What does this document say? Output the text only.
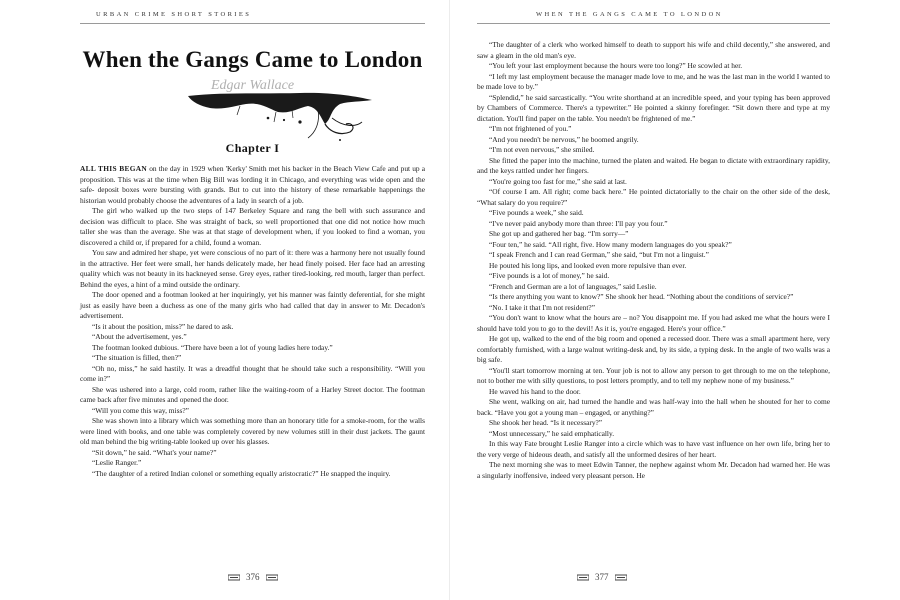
URBAN CRIME SHORT STORIES
When the Gangs Came to London
Edgar Wallace
Chapter I

ALL THIS BEGAN on the day in 1929 when 'Kerky' Smith met his backer in the Beach View Cafe and put up a proposition. This was at the time when Big Bill was lording it in Chicago, and everything was wide open and the safe- deposit boxes were bursting with grands. But to cut into the history of these remarkable happenings the historian would probably choose the adventures of a lady in search of a job.

The girl who walked up the two steps of 147 Berkeley Square and rang the bell with such assurance and decision was difficult to place. She was straight of back, so well proportioned that one did not notice how much taller she was than the average. She was at that stage of development when, if you looked to find a woman, you discovered a child or, if prepared for a child, found a woman.

You saw and admired her shape, yet were conscious of no part of it: there was a harmony here not usually found in the attractive. Her feet were small, her hands delicately made, her head finely poised. Her face had an arresting quality which was not beauty in its hackneyed sense. Grey eyes, rather tired-looking, red mouth, larger than perfect. Behind the eyes, a hint of a mind outside the ordinary.

The door opened and a footman looked at her inquiringly, yet his manner was faintly deferential, for she might just as easily have been a duchess as one of the many girls who had called that day in answer to Mr. Decadon's advertisement.

“Is it about the position, miss?” he dared to ask.

“About the advertisement, yes.”

The footman looked dubious. “There have been a lot of young ladies here today.”

“The situation is filled, then?”

“Oh no, miss,” he said hastily. It was a dreadful thought that he should take such a responsibility. “Will you come in?”

She was ushered into a large, cold room, rather like the waiting-room of a Harley Street doctor. The footman came back after five minutes and opened the door.

“Will you come this way, miss?”

She was shown into a library which was something more than an honorary title for a smoke-room, for the walls were lined with books, and one table was completely covered by new volumes still in their dust jackets. The gaunt old man behind the big writing-table looked up over his glasses.

“Sit down,” he said. “What's your name?”

“Leslie Ranger.”

“The daughter of a retired Indian colonel or something equally aristocratic?” He snapped the inquiry.

376
WHEN THE GANGS CAME TO LONDON

“The daughter of a clerk who worked himself to death to support his wife and child decently,” she answered, and saw a gleam in the old man's eye.

“You left your last employment because the hours were too long?” He scowled at her.

“I left my last employment because the manager made love to me, and he was the last man in the world I wanted to be made love to by.”

“Splendid,” he said sarcastically. “You write shorthand at an incredible speed, and your typing has been approved by Chambers of Commerce. There's a typewriter.” He pointed a skinny forefinger. “Sit down there and type at my dictation. You'll find paper on the table. You needn't be frightened of me.”

“I'm not frightened of you.”

“And you needn't be nervous,” he boomed angrily.

“I'm not even nervous,” she smiled.

She fitted the paper into the machine, turned the platen and waited. He began to dictate with extraordinary rapidity, and the keys rattled under her fingers.

“You're going too fast for me,” she said at last.

“Of course I am. All right; come back here.” He pointed dictatorially to the chair on the other side of the desk, “What salary do you require?”

“Five pounds a week,” she said.

“I've never paid anybody more than three: I'll pay you four.”

She got up and gathered her bag. “I'm sorry—”

“Four ten,” he said. “All right, five. How many modern languages do you speak?”

“I speak French and I can read German,” she said, “but I'm not a linguist.”

He pouted his long lips, and looked even more repulsive than ever.

“Five pounds is a lot of money,” he said.

“French and German are a lot of languages,” said Leslie.

“Is there anything you want to know?” She shook her head. “Nothing about the conditions of service?”

“No. I take it that I'm not resident?”

“You don't want to know what the hours are – no? You disappoint me. If you had asked me what the hours were I should have told you to go to the devil! As it is, you're engaged. Here's your office.”

He got up, walked to the end of the big room and opened a recessed door. There was a small apartment here, very comfortably furnished, with a large walnut writing-desk and, by its side, a typing desk. In the angle of two walls was a big safe.

“You'll start tomorrow morning at ten. Your job is not to allow any person to get through to me on the telephone, not to bother me with silly questions, to post letters promptly, and to tell my nephew none of my business.”

He waved his hand to the door.

She went, walking on air, had turned the handle and was half-way into the hall when he shouted for her to come back. “Have you got a young man – engaged, or anything?”

She shook her head. “Is it necessary?”

“Most unnecessary,” he said emphatically.

In this way Fate brought Leslie Ranger into a circle which was to have vast influence on her own life, bring her to the very verge of hideous death, and satisfy all the unformed desires of her heart.

The next morning she was to meet Edwin Tanner, the nephew against whom Mr. Decadon had warned her. He was a singularly inoffensive, indeed very pleasant person. He

377
